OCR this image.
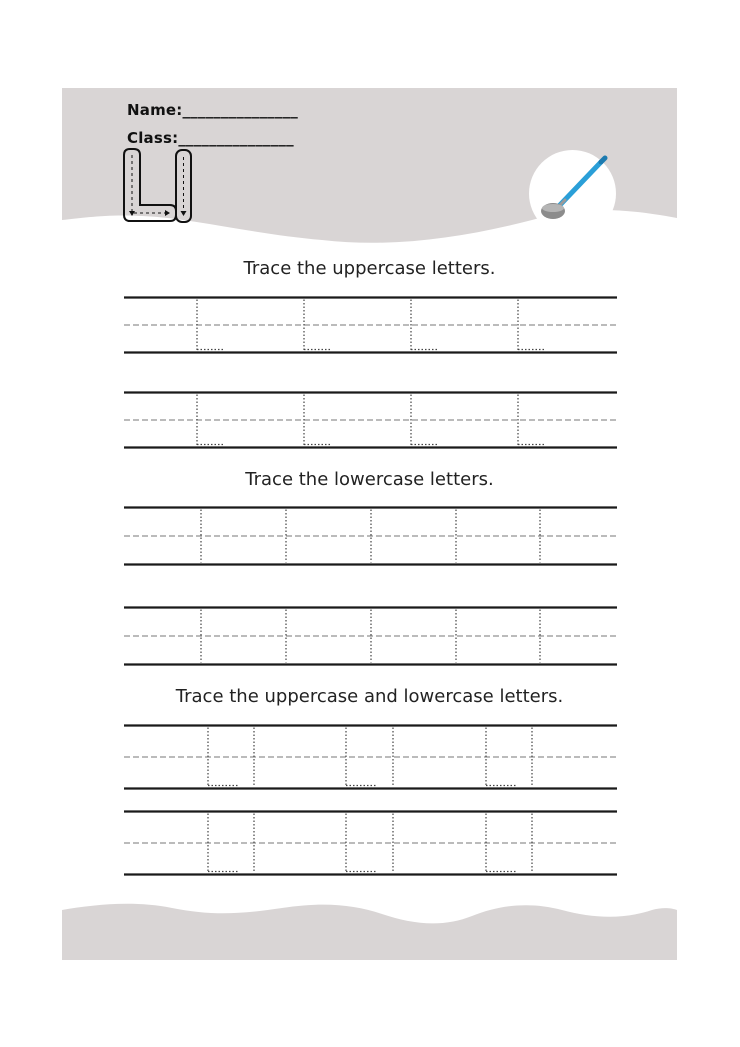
Name:_______________
Class:_______________
Trace the uppercase letters.
Trace the lowercase letters.
Trace the uppercase and lowercase letters.
